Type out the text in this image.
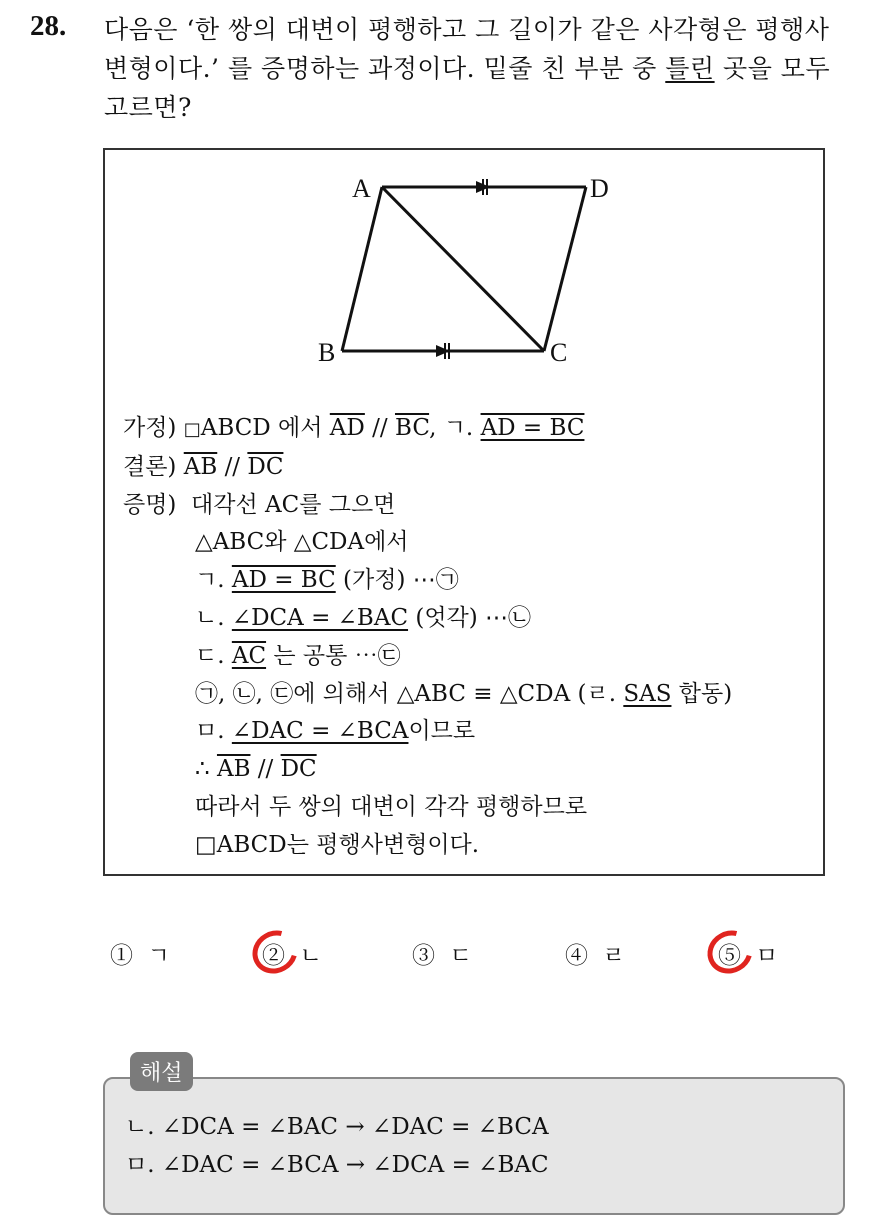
28. 다음은 ‘한 쌍의 대변이 평행하고 그 길이가 같은 사각형은 평행사
변형이다.’ 를 증명하는 과정이다. 밑줄 친 부분 중 틀린 곳을 모두
고르면?
A	D
B	C
가정) □ABCD 에서 $\overline{AD} // \overline{BC}$, ㄱ. AD = BC
결론) $\overline{AB} // \overline{DC}$
증명) 대각선 AC를 그으면
△ABC와 △CDA에서
ㄱ. AD = BC (가정) ⋯㉠
ㄴ. ∠DCA = ∠BAC (엇각) ⋯㉡
ㄷ. AC 는 공통 ⋯㉢
㉠, ㉡, ㉢에 의해서 △ABC ≡ △CDA (ㄹ. SAS 합동)
ㅁ. ∠DAC = ∠BCA이므로
∴ $\overline{AB} // \overline{DC}$
따라서 두 쌍의 대변이 각각 평행하므로
□ABCD는 평행사변형이다.
① ㄱ	② ㄴ	③ ㄷ	④ ㄹ	⑤ ㅁ
해설
ㄴ. ∠DCA = ∠BAC → ∠DAC = ∠BCA
ㅁ. ∠DAC = ∠BCA → ∠DCA = ∠BAC
